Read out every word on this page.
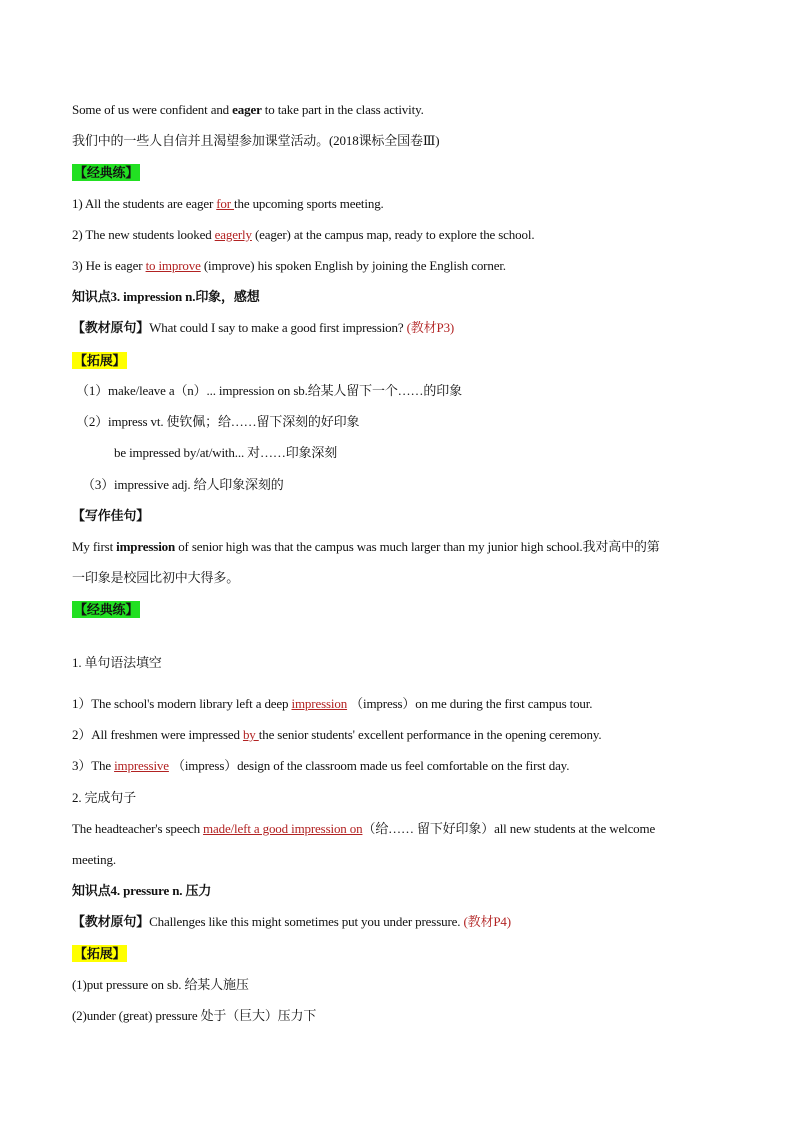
Some of us were confident and eager to take part in the class activity.
我们中的一些人自信并且渴望参加课堂活动。(2018课标全国卷Ⅲ)
【经典练】
1) All the students are eager for the upcoming sports meeting.
2) The new students looked eagerly (eager) at the campus map, ready to explore the school.
3) He is eager to improve (improve) his spoken English by joining the English corner.
知识点3. impression n.印象，感想
【教材原句】What could I say to make a good first impression? (教材P3)
【拓展】
（1）make/leave a（n）... impression on sb.给某人留下一个……的印象
（2）impress vt. 使钦佩；给……留下深刻的好印象
be impressed by/at/with... 对……印象深刻
（3）impressive adj. 给人印象深刻的
【写作佳句】
My first impression of senior high was that the campus was much larger than my junior high school.我对高中的第
一印象是校园比初中大得多。
【经典练】
1. 单句语法填空
1）The school's modern library left a deep impression （impress）on me during the first campus tour.
2）All freshmen were impressed by the senior students' excellent performance in the opening ceremony.
3）The impressive （impress）design of the classroom made us feel comfortable on the first day.
2. 完成句子
The headteacher's speech made/left a good impression on（给…… 留下好印象）all new students at the welcome
meeting.
知识点4. pressure n. 压力
【教材原句】Challenges like this might sometimes put you under pressure. (教材P4)
【拓展】
(1)put pressure on sb. 给某人施压
(2)under (great) pressure 处于（巨大）压力下
